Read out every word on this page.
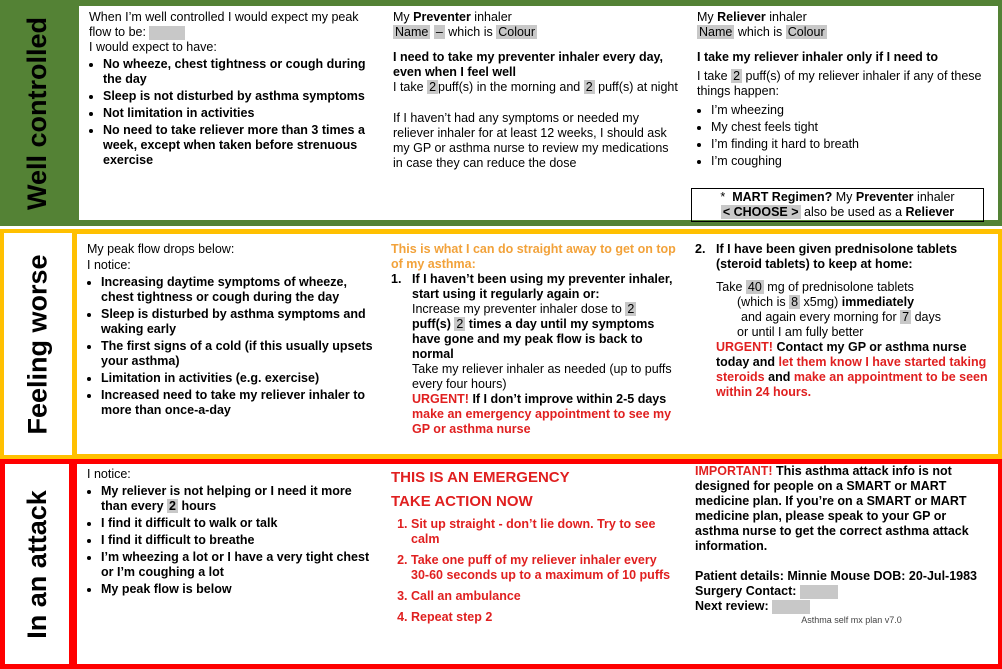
Well controlled	When I’m well controlled I would expect my peak flow to be:

I would expect to have:

• No wheeze, chest tightness or cough during the day
• Sleep is not disturbed by asthma symptoms
• Not limitation in activities
• No need to take reliever more than 3 times a week, except when taken before strenuous exercise

My Preventer inhaler

Name – which is Colour

I need to take my preventer inhaler every day, even when I feel well

I take 2 puff(s) in the morning and 2 puff(s) at night

If I haven’t had any symptoms or needed my reliever inhaler for at least 12 weeks, I should ask my GP or asthma nurse to review my medications in case they can reduce the dose

My Reliever inhaler

Name which is Colour

I take my reliever inhaler only if I need to

I take 2 puff(s) of my reliever inhaler if any of these things happen:

• I’m wheezing
• My chest feels tight
• I’m finding it hard to breath
• I’m coughing
* MART Regimen? My Preventer inhaler
< CHOOSE > also be used as a Reliever
Feeling worse

My peak flow drops below:

I notice:

• Increasing daytime symptoms of wheeze, chest tightness or cough during the day
• Sleep is disturbed by asthma symptoms and waking early
• The first signs of a cold (if this usually upsets your asthma)
• Limitation in activities (e.g. exercise)
• Increased need to take my reliever inhaler to more than once-a-day

This is what I can do straight away to get on top of my asthma:

1. If I haven’t been using my preventer inhaler, start using it regularly again or:

Increase my preventer inhaler dose to 2 puff(s) 2 times a day until my symptoms have gone and my peak flow is back to normal

Take my reliever inhaler as needed (up to puffs every four hours)

URGENT! If I don’t improve within 2-5 days

make an emergency appointment to see my GP or asthma nurse

2. If I have been given prednisolone tablets (steroid tablets) to keep at home:

Take 40 mg of prednisolone tablets

(which is 8 x5mg) immediately

and again every morning for 7 days

or until I am fully better

URGENT! Contact my GP or asthma nurse today and let them know I have started taking steroids and make an appointment to be seen within 24 hours.

In an attack

I notice:

• My reliever is not helping or I need it more than every 2 hours
• I find it difficult to walk or talk
• I find it difficult to breathe
• I’m wheezing a lot or I have a very tight chest or I’m coughing a lot
• My peak flow is below

THIS IS AN EMERGENCY

TAKE ACTION NOW

1. Sit up straight - don’t lie down. Try to see calm
2. Take one puff of my reliever inhaler every 30-60 seconds up to a maximum of 10 puffs
3. Call an ambulance
4. Repeat step 2

IMPORTANT! This asthma attack info is not designed for people on a SMART or MART medicine plan. If you’re on a SMART or MART medicine plan, please speak to your GP or asthma nurse to get the correct asthma attack information.

Patient details: Minnie Mouse DOB: 20-Jul-1983

Surgery Contact:

Next review:

Asthma self mx plan v7.0
